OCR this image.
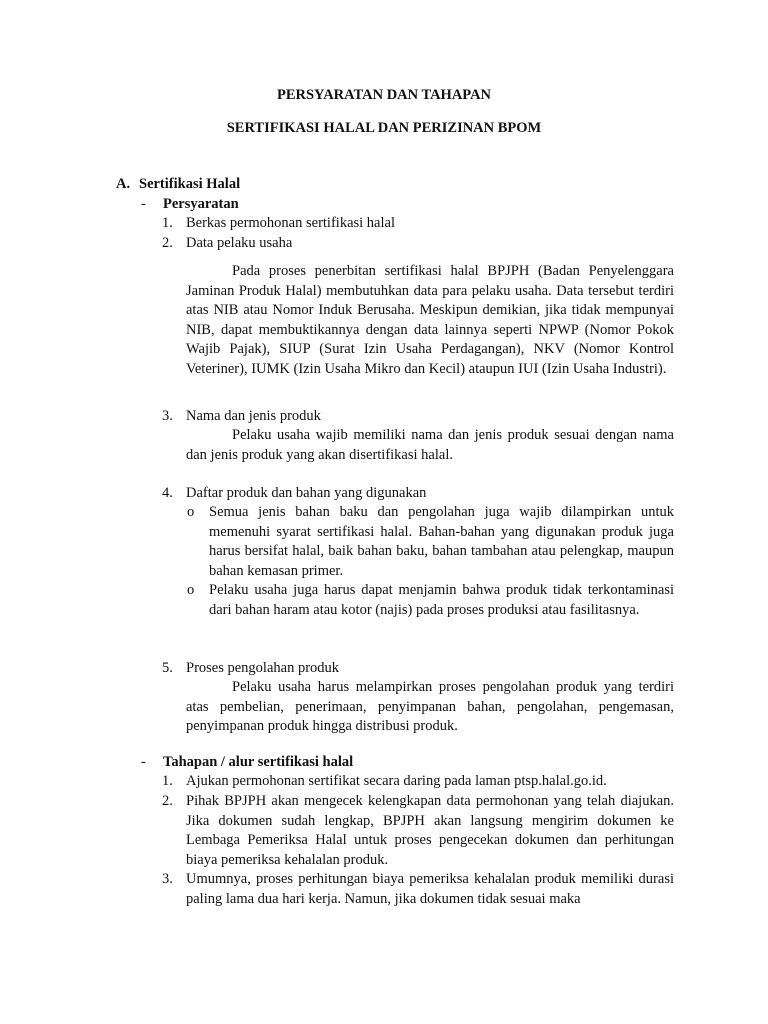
PERSYARATAN DAN TAHAPAN
SERTIFIKASI HALAL DAN PERIZINAN BPOM
A. Sertifikasi Halal
- Persyaratan
1. Berkas permohonan sertifikasi halal
2. Data pelaku usaha
Pada proses penerbitan sertifikasi halal BPJPH (Badan Penyelenggara Jaminan Produk Halal) membutuhkan data para pelaku usaha. Data tersebut terdiri atas NIB atau Nomor Induk Berusaha. Meskipun demikian, jika tidak mempunyai NIB, dapat membuktikannya dengan data lainnya seperti NPWP (Nomor Pokok Wajib Pajak), SIUP (Surat Izin Usaha Perdagangan), NKV (Nomor Kontrol Veteriner), IUMK (Izin Usaha Mikro dan Kecil) ataupun IUI (Izin Usaha Industri).
3. Nama dan jenis produk
Pelaku usaha wajib memiliki nama dan jenis produk sesuai dengan nama dan jenis produk yang akan disertifikasi halal.
4. Daftar produk dan bahan yang digunakan
o Semua jenis bahan baku dan pengolahan juga wajib dilampirkan untuk memenuhi syarat sertifikasi halal. Bahan-bahan yang digunakan produk juga harus bersifat halal, baik bahan baku, bahan tambahan atau pelengkap, maupun bahan kemasan primer.
o Pelaku usaha juga harus dapat menjamin bahwa produk tidak terkontaminasi dari bahan haram atau kotor (najis) pada proses produksi atau fasilitasnya.
5. Proses pengolahan produk
Pelaku usaha harus melampirkan proses pengolahan produk yang terdiri atas pembelian, penerimaan, penyimpanan bahan, pengolahan, pengemasan, penyimpanan produk hingga distribusi produk.
- Tahapan / alur sertifikasi halal
1. Ajukan permohonan sertifikat secara daring pada laman ptsp.halal.go.id.
2. Pihak BPJPH akan mengecek kelengkapan data permohonan yang telah diajukan. Jika dokumen sudah lengkap, BPJPH akan langsung mengirim dokumen ke Lembaga Pemeriksa Halal untuk proses pengecekan dokumen dan perhitungan biaya pemeriksa kehalalan produk.
3. Umumnya, proses perhitungan biaya pemeriksa kehalalan produk memiliki durasi paling lama dua hari kerja. Namun, jika dokumen tidak sesuai maka
